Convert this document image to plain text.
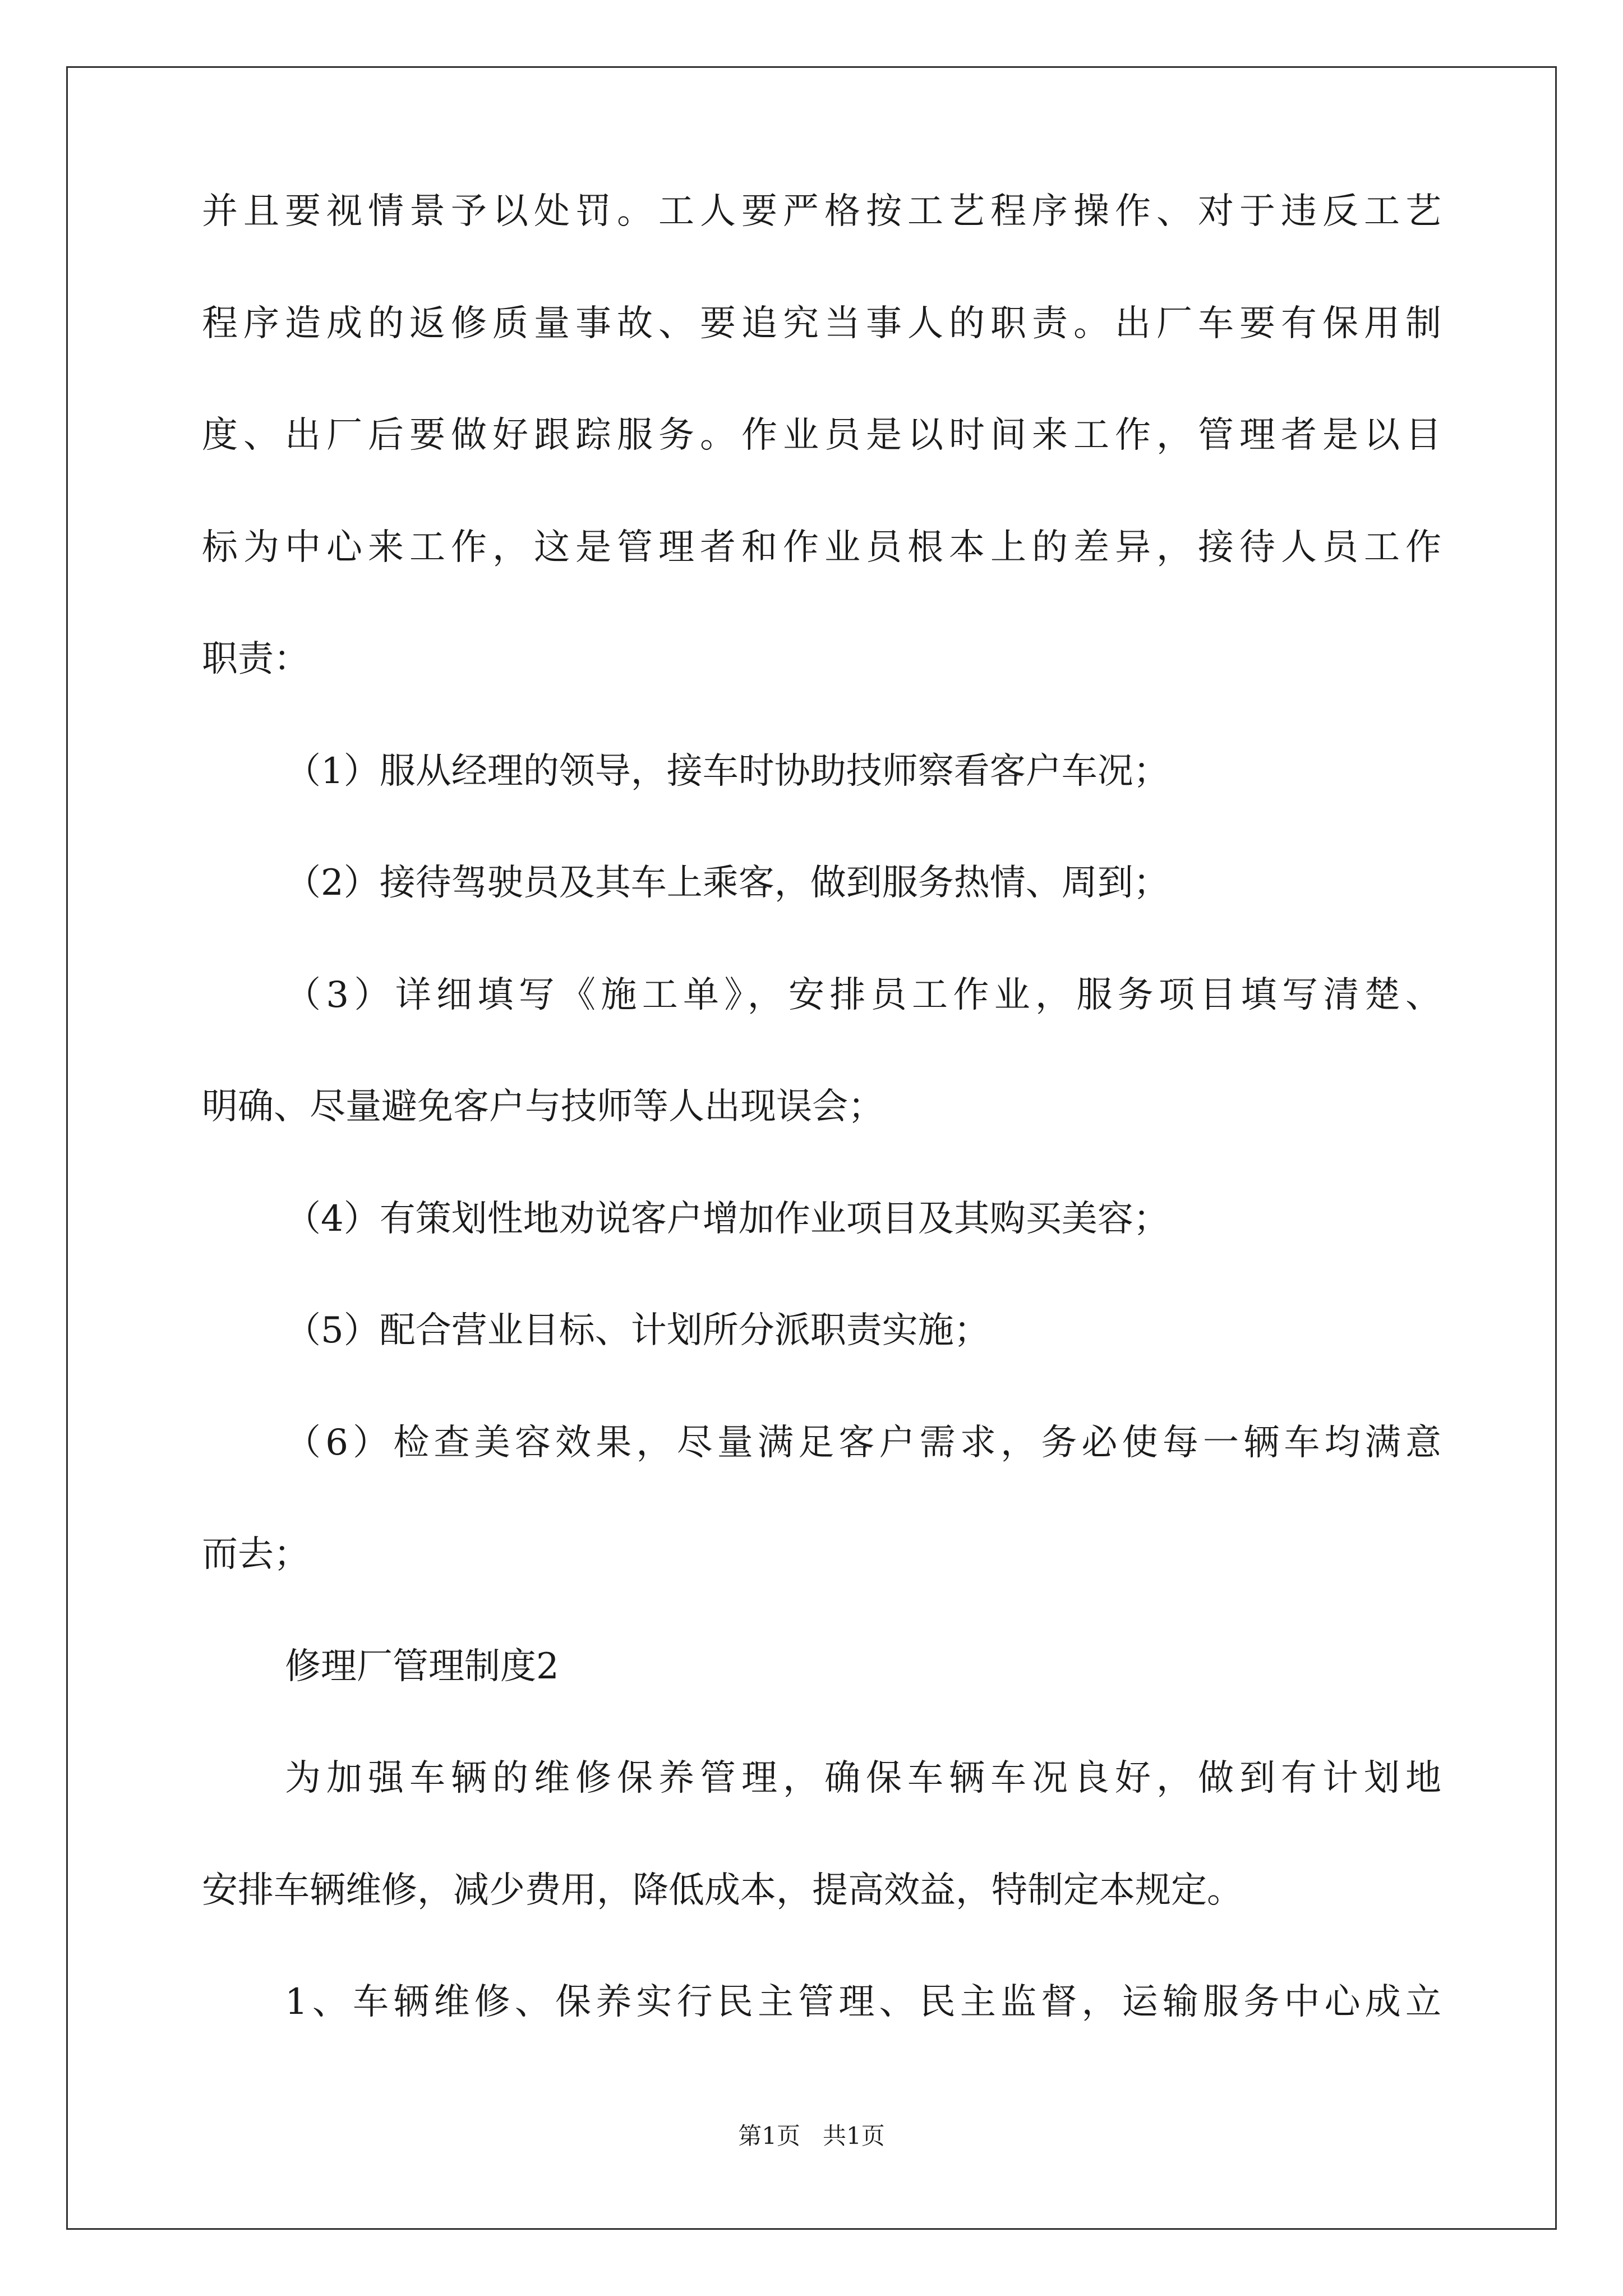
并且要视情景予以处罚。工人要严格按工艺程序操作、对于违反工艺
程序造成的返修质量事故、要追究当事人的职责。出厂车要有保用制
度、出厂后要做好跟踪服务。作业员是以时间来工作，管理者是以目
标为中心来工作，这是管理者和作业员根本上的差异，接待人员工作
职责：
（1）服从经理的领导，接车时协助技师察看客户车况；
（2）接待驾驶员及其车上乘客，做到服务热情、周到；
（3）详细填写《施工单》，安排员工作业，服务项目填写清楚、
明确、尽量避免客户与技师等人出现误会；
（4）有策划性地劝说客户增加作业项目及其购买美容；
（5）配合营业目标、计划所分派职责实施；
（6）检查美容效果，尽量满足客户需求，务必使每一辆车均满意
而去；
修理厂管理制度2
为加强车辆的维修保养管理，确保车辆车况良好，做到有计划地
安排车辆维修，减少费用，降低成本，提高效益，特制定本规定。
1、车辆维修、保养实行民主管理、民主监督，运输服务中心成立
第1页   共1页
